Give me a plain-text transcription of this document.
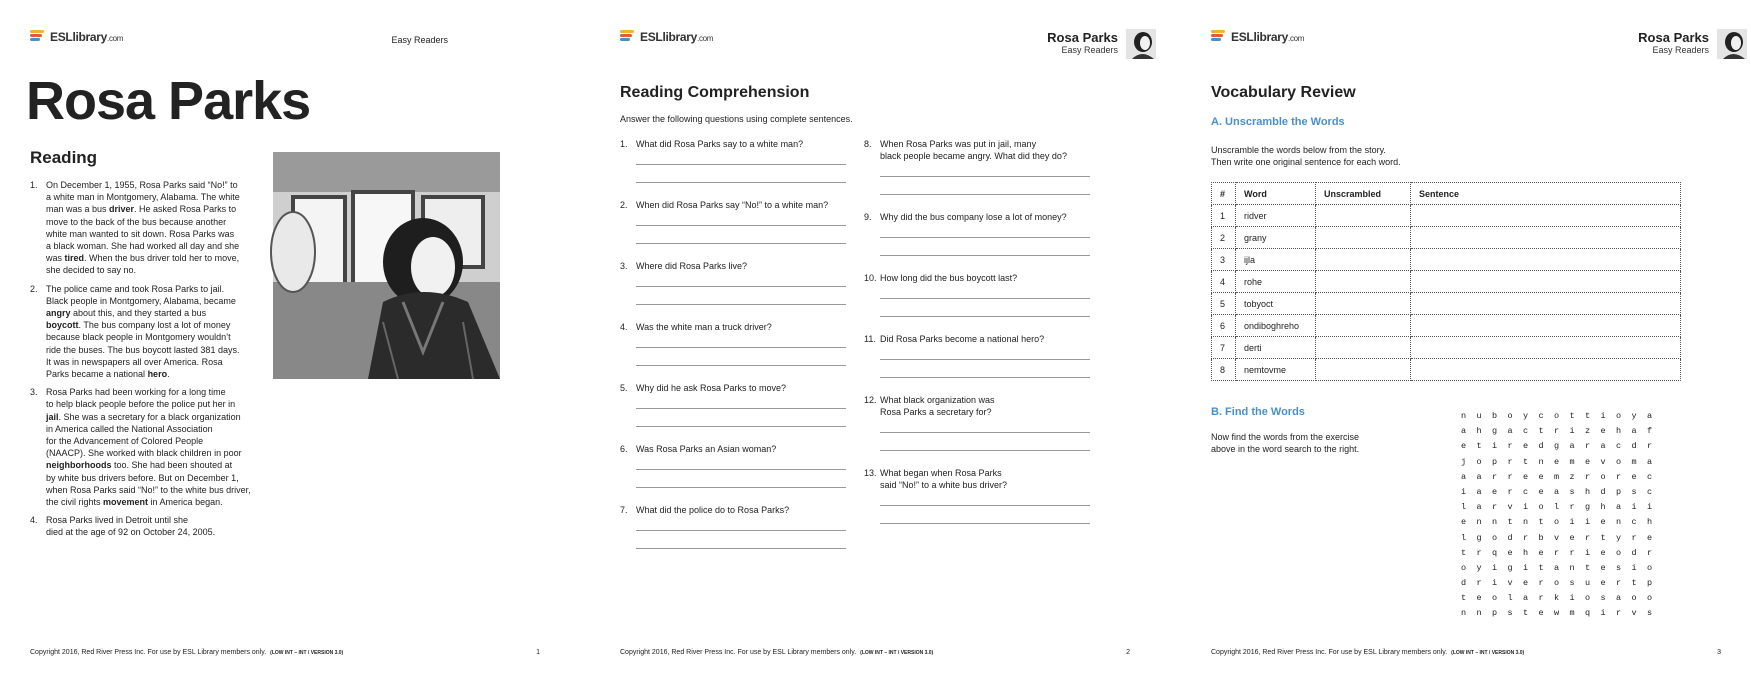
ESLlibrary.com	Easy Readers
Rosa Parks
Reading
1. On December 1, 1955, Rosa Parks said “No!” to
a white man in Montgomery, Alabama. The white
man was a bus driver. He asked Rosa Parks to
move to the back of the bus because another
white man wanted to sit down. Rosa Parks was
a black woman. She had worked all day and she
was tired. When the bus driver told her to move,
she decided to say no.
2. The police came and took Rosa Parks to jail.
Black people in Montgomery, Alabama, became
angry about this, and they started a bus
boycott. The bus company lost a lot of money
because black people in Montgomery wouldn’t
ride the buses. The bus boycott lasted 381 days.
It was in newspapers all over America. Rosa
Parks became a national hero.
3. Rosa Parks had been working for a long time
to help black people before the police put her in
jail. She was a secretary for a black organization
in America called the National Association
for the Advancement of Colored People
(NAACP). She worked with black children in poor
neighborhoods too. She had been shouted at
by white bus drivers before. But on December 1,
when Rosa Parks said “No!” to the white bus driver,
the civil rights movement in America began.
4. Rosa Parks lived in Detroit until she
died at the age of 92 on October 24, 2005.
Copyright 2016, Red River Press Inc. For use by ESL Library members only. (LOW INT – INT / VERSION 3.0)	1
ESLlibrary.com	Rosa Parks
Easy Readers
Reading Comprehension
Answer the following questions using complete sentences.
1. What did Rosa Parks say to a white man?
2. When did Rosa Parks say “No!” to a white man?
3. Where did Rosa Parks live?
4. Was the white man a truck driver?
5. Why did he ask Rosa Parks to move?
6. Was Rosa Parks an Asian woman?
7. What did the police do to Rosa Parks?
8. When Rosa Parks was put in jail, many
black people became angry. What did they do?
9. Why did the bus company lose a lot of money?
10. How long did the bus boycott last?
11. Did Rosa Parks become a national hero?
12. What black organization was
Rosa Parks a secretary for?
13. What began when Rosa Parks
said “No!” to a white bus driver?
Copyright 2016, Red River Press Inc. For use by ESL Library members only. (LOW INT – INT / VERSION 3.0)	2
ESLlibrary.com	Rosa Parks
Easy Readers
Vocabulary Review
A. Unscramble the Words
Unscramble the words below from the story.
Then write one original sentence for each word.
#	Word	Unscrambled	Sentence
1	ridver		
2	grany		
3	ijla		
4	rohe		
5	tobyoct		
6	ondiboghreho		
7	derti		
8	nemtovme		
B. Find the Words
Now find the words from the exercise
above in the word search to the right.
n	u	b	o	y	c	o	t	t	i	o	y	a
a	h	g	a	c	t	r	i	z	e	h	a	f
e	t	i	r	e	d	g	a	r	a	c	d	r
j	o	p	r	t	n	e	m	e	v	o	m	a
a	a	r	r	e	e	m	z	r	o	r	e	c
i	a	e	r	c	e	a	s	h	d	p	s	c
l	a	r	v	i	o	l	r	g	h	a	i	i
e	n	n	t	n	t	o	i	i	e	n	c	h
l	g	o	d	r	b	v	e	r	t	y	r	e
t	r	q	e	h	e	r	r	i	e	o	d	r
o	y	i	g	i	t	a	n	t	e	s	i	o
d	r	i	v	e	r	o	s	u	e	r	t	p
t	e	o	l	a	r	k	i	o	s	a	o	o
n	n	p	s	t	e	w	m	q	i	r	v	s
Copyright 2016, Red River Press Inc. For use by ESL Library members only. (LOW INT – INT / VERSION 3.0)	3
